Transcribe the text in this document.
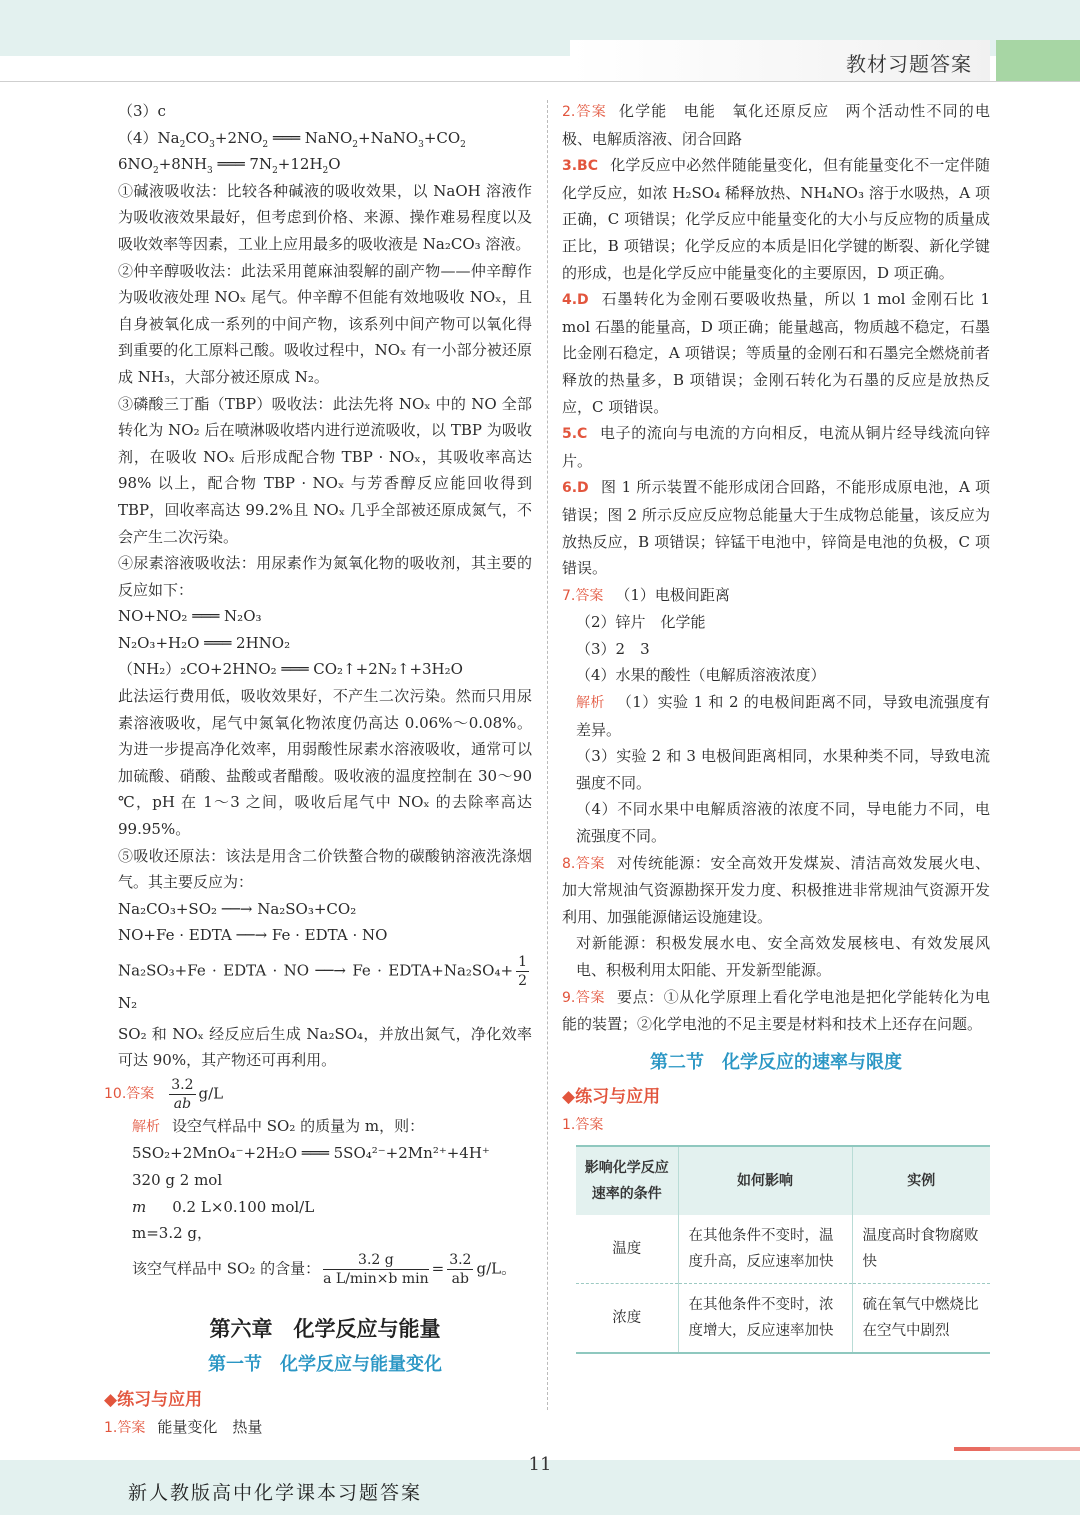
教材习题答案
（3）c
$(4)Na_2CO_3+2NO_2$ ═══ $NaNO_2+NaNO_3+CO_2$
$6NO_2+8NH_3$ ═══ $7N_2+12H_2O$
①碱液吸收法：比较各种碱液的吸收效果，以 NaOH 溶液作为吸收液效果最好，但考虑到价格、来源、操作难易程度以及吸收效率等因素，工业上应用最多的吸收液是 Na₂CO₃ 溶液。
②仲辛醇吸收法：此法采用蓖麻油裂解的副产物——仲辛醇作为吸收液处理 NOₓ 尾气。仲辛醇不但能有效地吸收 NOₓ，且自身被氧化成一系列的中间产物，该系列中间产物可以氧化得到重要的化工原料己酸。吸收过程中，NOₓ 有一小部分被还原成 NH₃，大部分被还原成 N₂。
③磷酸三丁酯（TBP）吸收法：此法先将 NOₓ 中的 NO 全部转化为 NO₂ 后在喷淋吸收塔内进行逆流吸收，以 TBP 为吸收剂，在吸收 NOₓ 后形成配合物 TBP · NOₓ，其吸收率高达 98% 以上，配合物 TBP · NOₓ 与芳香醇反应能回收得到 TBP，回收率高达 99.2%且 NOₓ 几乎全部被还原成氮气，不会产生二次污染。
④尿素溶液吸收法：用尿素作为氮氧化物的吸收剂，其主要的反应如下：
NO+NO₂ ═══ N₂O₃
N₂O₃+H₂O ═══ 2HNO₂
（NH₂）₂CO+2HNO₂ ═══ CO₂↑+2N₂↑+3H₂O
此法运行费用低，吸收效果好，不产生二次污染。然而只用尿素溶液吸收，尾气中氮氧化物浓度仍高达 0.06%～0.08%。为进一步提高净化效率，用弱酸性尿素水溶液吸收，通常可以加硫酸、硝酸、盐酸或者醋酸。吸收液的温度控制在 30～90 ℃，pH 在 1～3 之间，吸收后尾气中 NOₓ 的去除率高达 99.95%。
⑤吸收还原法：该法是用含二价铁螯合物的碳酸钠溶液洗涤烟气。其主要反应为：
Na₂CO₃+SO₂ ──→ Na₂SO₃+CO₂
NO+Fe · EDTA ──→ Fe · EDTA · NO
Na₂SO₃+Fe · EDTA · NO ──→ Fe · EDTA+Na₂SO₄+ $\frac{1}{2}$
N₂
SO₂ 和 NOₓ 经反应后生成 Na₂SO₄，并放出氮气，净化效率可达 90%，其产物还可再利用。
10.答案 $\frac{3.2}{ab} g/L$
解析 设空气样品中 SO₂ 的质量为 m，则：
5SO₂+2MnO₄⁻+2H₂O ═══ 5SO₄²⁻+2Mn²⁺+4H⁺
320 g 2 mol
m 0.2 L×0.100 mol/L
m=3.2 g，
该空气样品中 SO₂ 的含量： $\frac{3.2 g}{\text{a L/min×b min}} = \frac{3.2}{ab} g/L$。
第六章　化学反应与能量
第一节　化学反应与能量变化
◆练习与应用
1.答案 能量变化　热量
2.答案 化学能　电能　氧化还原反应　两个活动性不同的电极、电解质溶液、闭合回路
3.BC 化学反应中必然伴随能量变化，但有能量变化不一定伴随化学反应，如浓 H₂SO₄ 稀释放热、NH₄NO₃ 溶于水吸热，A 项正确，C 项错误；化学反应中能量变化的大小与反应物的质量成正比，B 项错误；化学反应的本质是旧化学键的断裂、新化学键的形成，也是化学反应中能量变化的主要原因，D 项正确。
4.D 石墨转化为金刚石要吸收热量，所以 1 mol 金刚石比 1 mol 石墨的能量高，D 项正确；能量越高，物质越不稳定，石墨比金刚石稳定，A 项错误；等质量的金刚石和石墨完全燃烧前者释放的热量多，B 项错误；金刚石转化为石墨的反应是放热反应，C 项错误。
5.C 电子的流向与电流的方向相反，电流从铜片经导线流向锌片。
6.D 图 1 所示装置不能形成闭合回路，不能形成原电池，A 项错误；图 2 所示反应反应物总能量大于生成物总能量，该反应为放热反应，B 项错误；锌锰干电池中，锌筒是电池的负极，C 项错误。
7.答案 （1）电极间距离
（2）锌片　化学能
（3）2　3
（4）水果的酸性（电解质溶液浓度）
解析 （1）实验 1 和 2 的电极间距离不同，导致电流强度有差异。
（3）实验 2 和 3 电极间距离相同，水果种类不同，导致电流强度不同。
（4）不同水果中电解质溶液的浓度不同，导电能力不同，电流强度不同。
8.答案 对传统能源：安全高效开发煤炭、清洁高效发展火电、加大常规油气资源勘探开发力度、积极推进非常规油气资源开发利用、加强能源储运设施建设。
对新能源：积极发展水电、安全高效发展核电、有效发展风电、积极利用太阳能、开发新型能源。
9.答案 要点：①从化学原理上看化学电池是把化学能转化为电能的装置；②化学电池的不足主要是材料和技术上还存在问题。
第二节　化学反应的速率与限度
◆练习与应用
1.答案
影响化学反应速率的条件	如何影响	实例
温度	在其他条件不变时，温度升高，反应速率加快	温度高时食物腐败快
浓度	在其他条件不变时，浓度增大，反应速率加快	硫在氧气中燃烧比在空气中剧烈
11
新人教版高中化学课本习题答案
